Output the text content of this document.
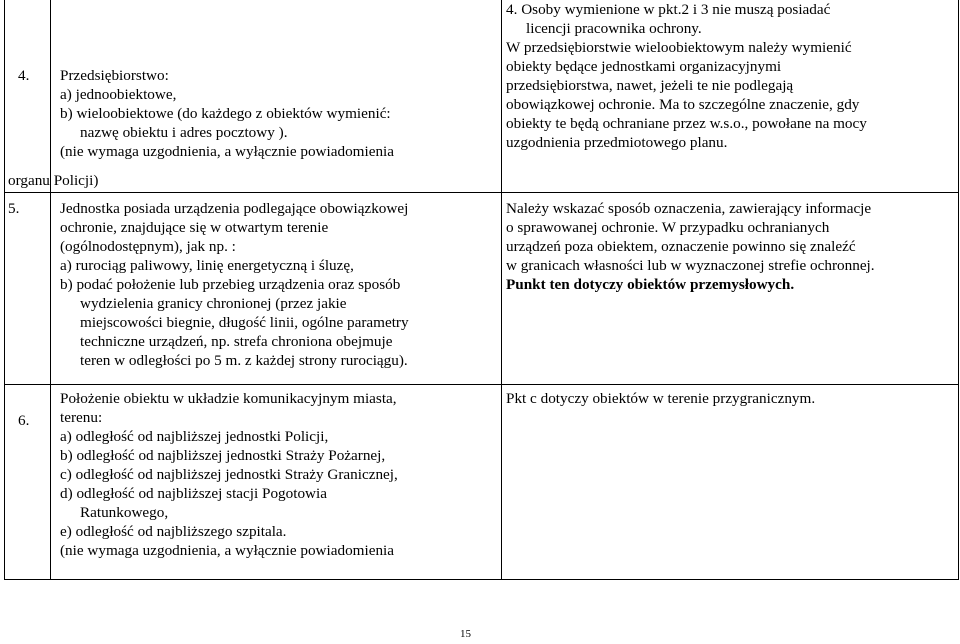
4. Przedsiębiorstwo:
a) jednoobiektowe,
b) wieloobiektowe (do każdego z obiektów wymienić:
nazwę obiektu i adres pocztowy ).
(nie wymaga uzgodnienia, a wyłącznie powiadomienia
organu Policji)
4. Osoby wymienione w pkt.2 i 3 nie muszą posiadać
licencji pracownika ochrony.
W przedsiębiorstwie wieloobiektowym należy wymienić
obiekty będące jednostkami organizacyjnymi
przedsiębiorstwa, nawet, jeżeli te nie podlegają
obowiązkowej ochronie. Ma to szczególne znaczenie, gdy
obiekty te będą ochraniane przez w.s.o., powołane na mocy
uzgodnienia przedmiotowego planu.
5.	Jednostka posiada urządzenia podlegające obowiązkowej
ochronie, znajdujące się w otwartym terenie
(ogólnodostępnym), jak np. :
a) rurociąg paliwowy, linię energetyczną i śluzę,
b) podać położenie lub przebieg urządzenia oraz sposób
wydzielenia granicy chronionej (przez jakie
miejscowości biegnie, długość linii, ogólne parametry
techniczne urządzeń, np. strefa chroniona obejmuje
teren w odległości po 5 m. z każdej strony rurociągu).
Należy wskazać sposób oznaczenia, zawierający informacje
o sprawowanej ochronie. W przypadku ochranianych
urządzeń poza obiektem, oznaczenie powinno się znaleźć
w granicach własności lub w wyznaczonej strefie ochronnej.
Punkt ten dotyczy obiektów przemysłowych.
6.
Położenie obiektu w układzie komunikacyjnym miasta,
terenu:
a) odległość od najbliższej jednostki Policji,
b) odległość od najbliższej jednostki Straży Pożarnej,
c) odległość od najbliższej jednostki Straży Granicznej,
d) odległość od najbliższej stacji Pogotowia
Ratunkowego,
e) odległość od najbliższego szpitala.
(nie wymaga uzgodnienia, a wyłącznie powiadomienia
Pkt c dotyczy obiektów w terenie przygranicznym.
15
